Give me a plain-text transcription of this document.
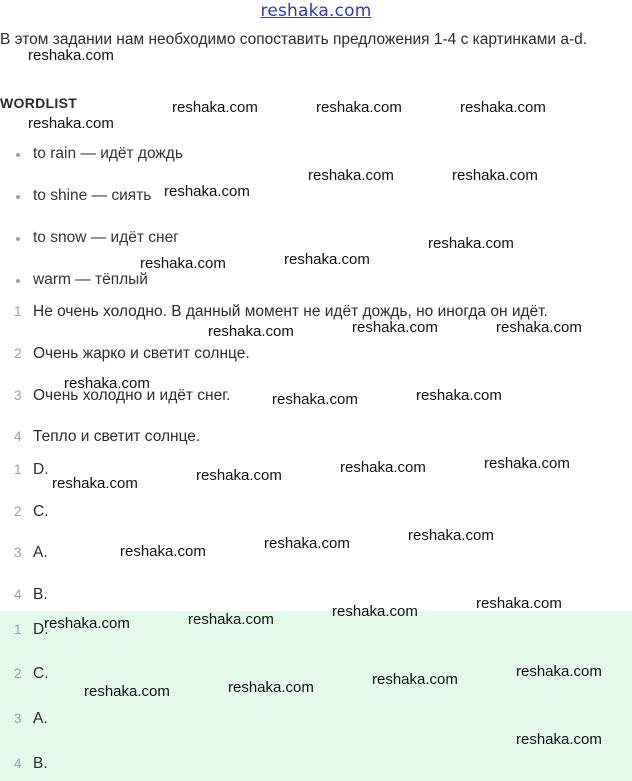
reshaka.com
В этом задании нам необходимо сопоставить предложения 1-4 с картинками a-d.
WORDLIST
to rain — идёт дождь
to shine — сиять
to snow — идёт снег
warm — тёплый
1 Не очень холодно. В данный момент не идёт дождь, но иногда он идёт.
2 Очень жарко и светит солнце.
3 Очень холодно и идёт снег.
4 Тепло и светит солнце.
1 D.
2 C.
3 A.
4 B.
1 D.
2 C.
3 A.
4 B.
reshaka.com
reshaka.com	reshaka.com	reshaka.com
reshaka.com
reshaka.com	reshaka.com
reshaka.com
reshaka.com
reshaka.com
reshaka.com
reshaka.com	reshaka.com
reshaka.com
reshaka.com
reshaka.com
reshaka.com
reshaka.com
reshaka.com
reshaka.com
reshaka.com
reshaka.com
reshaka.com
reshaka.com
reshaka.com
reshaka.com
reshaka.com
reshaka.com
reshaka.com
reshaka.com
reshaka.com
reshaka.com
reshaka.com
